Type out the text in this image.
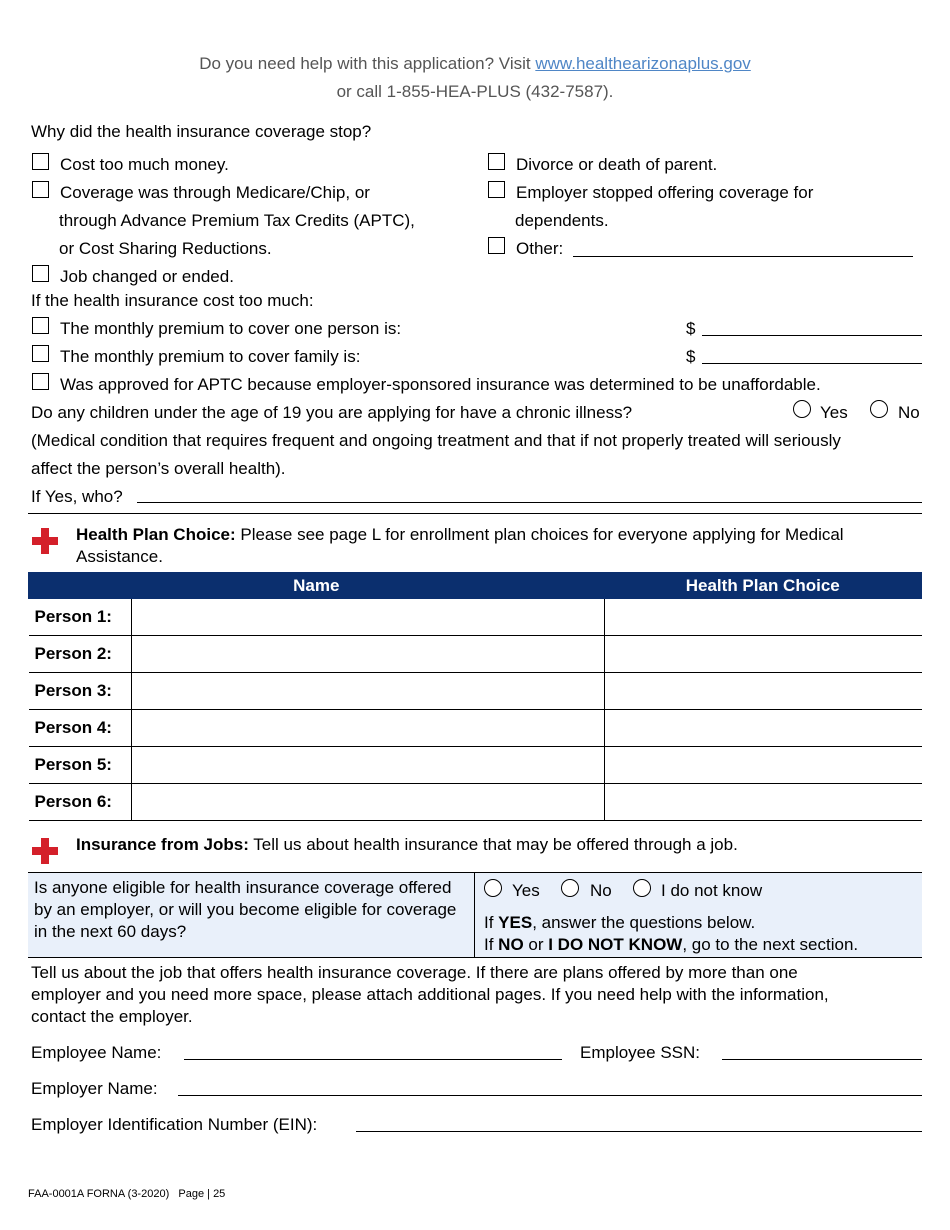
Do you need help with this application? Visit www.healthearizonaplus.gov
or call 1-855-HEA-PLUS (432-7587).
Why did the health insurance coverage stop?
Cost too much money.
Coverage was through Medicare/Chip, or
through Advance Premium Tax Credits (APTC),
or Cost Sharing Reductions.
Job changed or ended.
Divorce or death of parent.
Employer stopped offering coverage for
dependents.
Other:
If the health insurance cost too much:
The monthly premium to cover one person is:	$
The monthly premium to cover family is:	$
Was approved for APTC because employer-sponsored insurance was determined to be unaffordable.
Do any children under the age of 19 you are applying for have a chronic illness?	Yes	No
(Medical condition that requires frequent and ongoing treatment and that if not properly treated will seriously
affect the person’s overall health).
If Yes, who?
Health Plan Choice: Please see page L for enrollment plan choices for everyone applying for Medical
Assistance.
Name		Health Plan Choice
Person 1:		
Person 2:		
Person 3:		
Person 4:		
Person 5:		
Person 6:		
Insurance from Jobs: Tell us about health insurance that may be offered through a job.
Is anyone eligible for health insurance coverage offered by an employer, or will you become eligible for coverage in the next 60 days?
Yes	No	I do not know
If YES, answer the questions below.
If NO or I DO NOT KNOW, go to the next section.
Tell us about the job that offers health insurance coverage. If there are plans offered by more than one
employer and you need more space, please attach additional pages. If you need help with the information,
contact the employer.
Employee Name:	Employee SSN:
Employer Name:
Employer Identification Number (EIN):
FAA-0001A FORNA (3-2020) Page | 25
